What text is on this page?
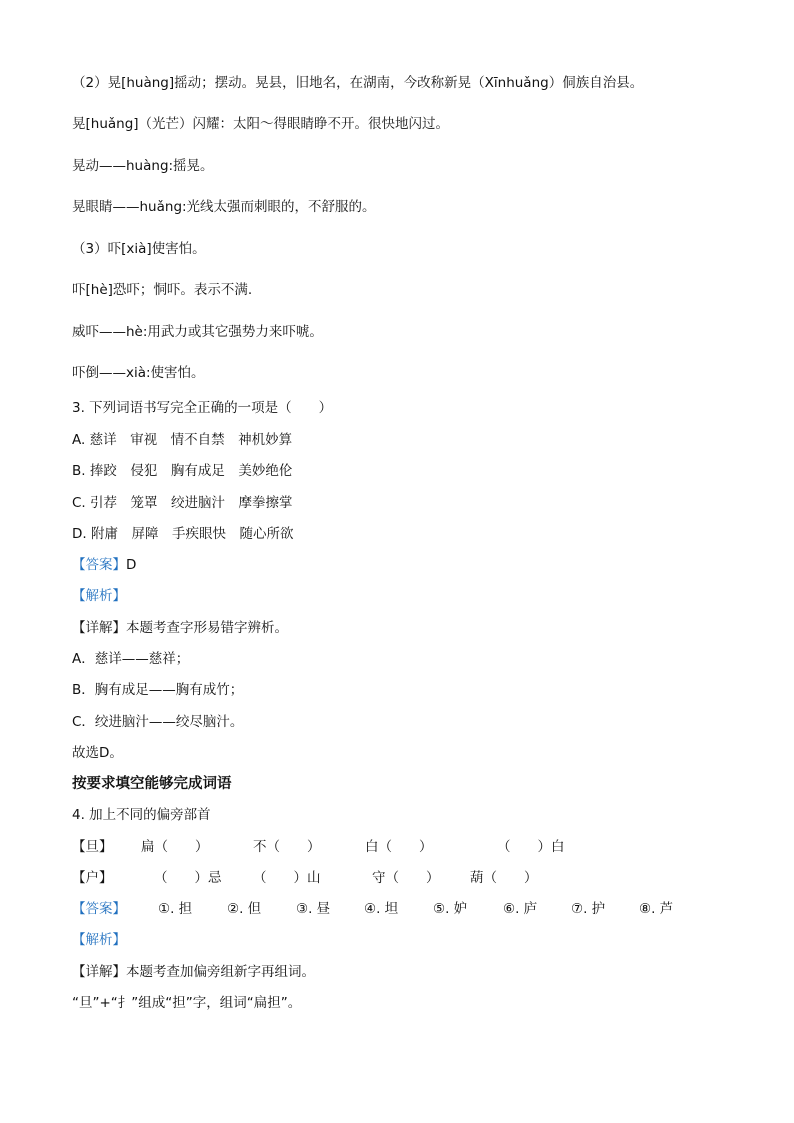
（2）晃[huàng]摇动；摆动。晃县，旧地名，在湖南，今改称新晃（Xīnhuǎng）侗族自治县。
晃[huǎng]（光芒）闪耀：太阳～得眼睛睁不开。很快地闪过。
晃动——huàng:摇晃。
晃眼睛——huǎng:光线太强而刺眼的，不舒服的。
（3）吓[xià]使害怕。
吓[hè]恐吓；恫吓。表示不满.
威吓——hè:用武力或其它强势力来吓唬。
吓倒——xià:使害怕。
3. 下列词语书写完全正确的一项是（　　）
A. 慈详　审视　情不自禁　神机妙算
B. 捧跤　侵犯　胸有成足　美妙绝伦
C. 引荐　笼罩　绞进脑汁　摩拳擦掌
D. 附庸　屏障　手疾眼快　随心所欲
【答案】D
【解析】
【详解】本题考查字形易错字辨析。
A．慈详——慈祥；
B．胸有成足——胸有成竹；
C．绞进脑汁——绞尽脑汁。
故选D。
按要求填空能够完成词语
4. 加上不同的偏旁部首
【旦】 扁（　　）	不（　　）	白（　　）	（　　）白
【户】	（　　）忌 （　　）山	守（　　） 葫（　　）
【答案】 ①. 担	②. 但	③. 昼	④. 坦	⑤. 妒	⑥. 庐	⑦. 护	⑧. 芦
【解析】
【详解】本题考查加偏旁组新字再组词。
“旦”+“扌”组成“担”字，组词“扁担”。
